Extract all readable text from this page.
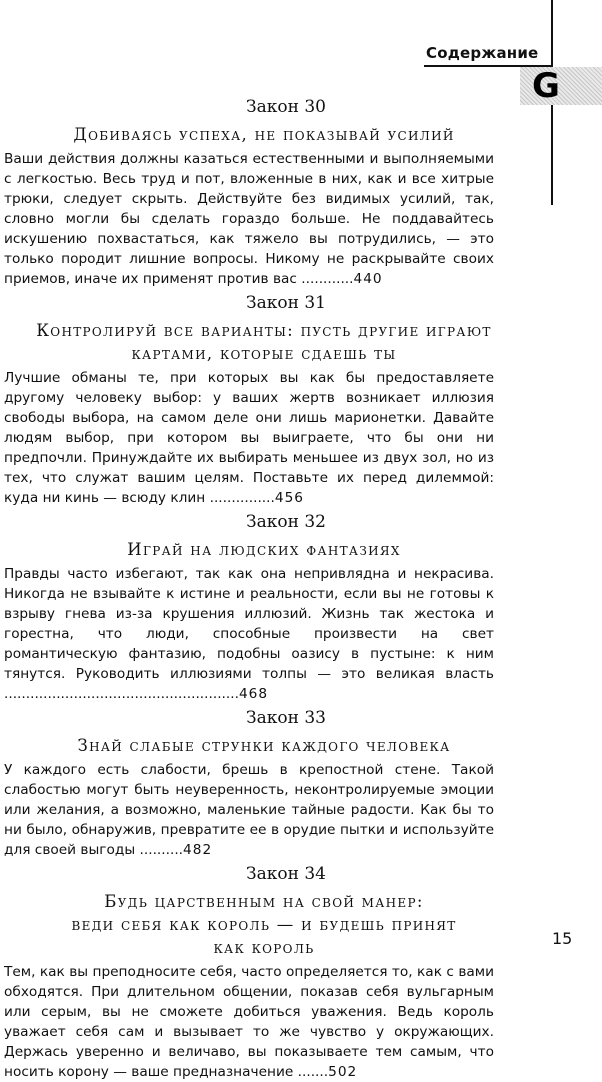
Содержание
G
Закон 30
Добиваясь успеха, не показывай усилий
Ваши действия должны казаться естественными и выполняемыми с легкостью. Весь труд и пот, вложенные в них, как и все хитрые трюки, следует скрыть. Действуйте без видимых усилий, так, словно могли бы сделать гораздо больше. Не поддавайтесь искушению похвастаться, как тяжело вы потрудились, — это только породит лишние вопросы. Никому не раскрывайте своих приемов, иначе их применят против вас ............440
Закон 31
Контролируй все варианты: пусть другие играют
картами, которые сдаешь ты
Лучшие обманы те, при которых вы как бы предоставляете другому человеку выбор: у ваших жертв возникает иллюзия свободы выбора, на самом деле они лишь марионетки. Давайте людям выбор, при котором вы выиграете, что бы они ни предпочли. Принуждайте их выбирать меньшее из двух зол, но из тех, что служат вашим целям. Поставьте их перед дилеммой: куда ни кинь — всюду клин ...............456
Закон 32
Играй на людских фантазиях
Правды часто избегают, так как она непривлядна и некрасива. Никогда не взывайте к истине и реальности, если вы не готовы к взрыву гнева из-за крушения иллюзий. Жизнь так жестока и горестна, что люди, способные произвести на свет романтическую фантазию, подобны оазису в пустыне: к ним тянутся. Руководить иллюзиями толпы — это великая власть ......................................................468
Закон 33
Знай слабые струнки каждого человека
У каждого есть слабости, брешь в крепостной стене. Такой слабостью могут быть неуверенность, неконтролируемые эмоции или желания, а возможно, маленькие тайные радости. Как бы то ни было, обнаружив, превратите ее в орудие пытки и используйте для своей выгоды ..........482
Закон 34
Будь царственным на свой манер:
веди себя как король — и будешь принят
как король
Тем, как вы преподносите себя, часто определяется то, как с вами обходятся. При длительном общении, показав себя вульгарным или серым, вы не сможете добиться уважения. Ведь король уважает себя сам и вызывает то же чувство у окружающих. Держась уверенно и величаво, вы показываете тем самым, что носить корону — ваше предназначение .......502
15
